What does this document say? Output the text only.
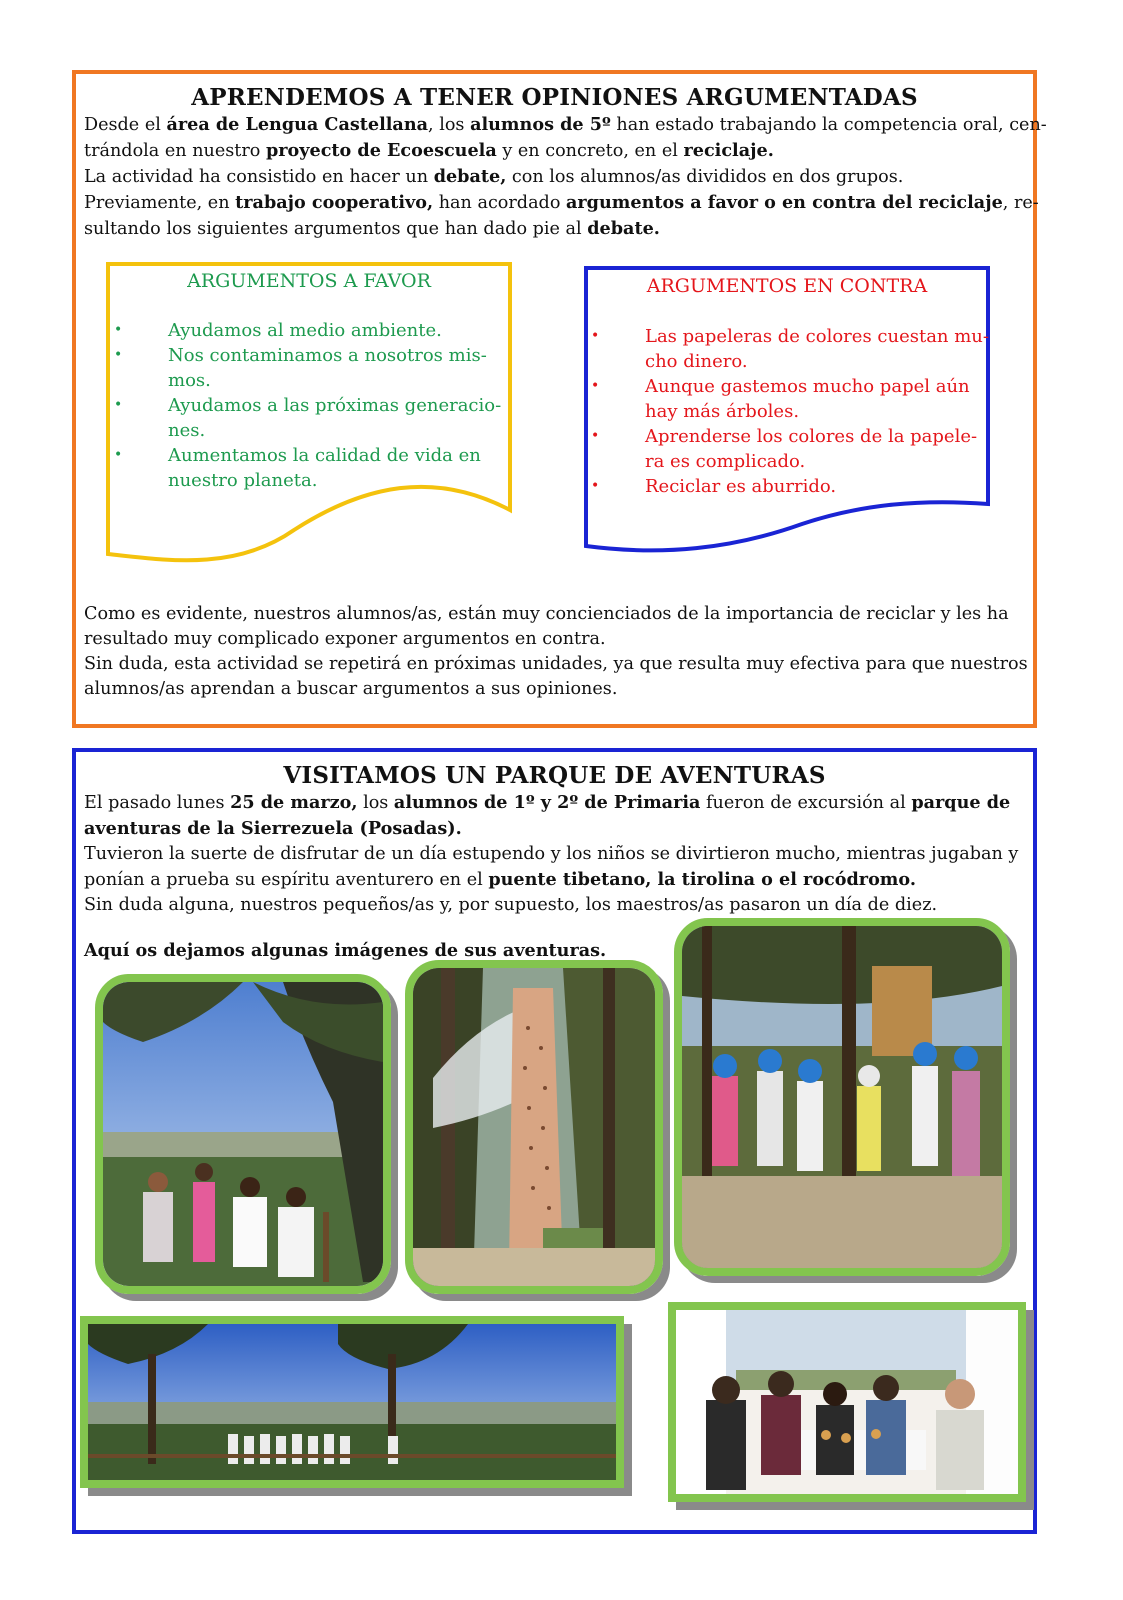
APRENDEMOS A TENER OPINIONES ARGUMENTADAS
Desde el área de Lengua Castellana, los alumnos de 5º han estado trabajando la competencia oral, cen-
trándola en nuestro proyecto de Ecoescuela y en concreto, en el reciclaje.
La actividad ha consistido en hacer un debate, con los alumnos/as divididos en dos grupos.
Previamente, en trabajo cooperativo, han acordado argumentos a favor o en contra del reciclaje, re-
sultando los siguientes argumentos que han dado pie al debate.
ARGUMENTOS A FAVOR
•	Ayudamos al medio ambiente.
•	Nos contaminamos a nosotros mis-
mos.
•	Ayudamos a las próximas generacio-
nes.
•	Aumentamos la calidad de vida en
nuestro planeta.
ARGUMENTOS EN CONTRA
•	Las papeleras de colores cuestan mu-
cho dinero.
•	Aunque gastemos mucho papel aún
hay más árboles.
•	Aprenderse los colores de la papele-
ra es complicado.
•	Reciclar es aburrido.
Como es evidente, nuestros alumnos/as, están muy concienciados de la importancia de reciclar y les ha
resultado muy complicado exponer argumentos en contra.
Sin duda, esta actividad se repetirá en próximas unidades, ya que resulta muy efectiva para que nuestros
alumnos/as aprendan a buscar argumentos a sus opiniones.
VISITAMOS UN PARQUE DE AVENTURAS
El pasado lunes 25 de marzo, los alumnos de 1º y 2º de Primaria fueron de excursión al parque de
aventuras de la Sierrezuela (Posadas).
Tuvieron la suerte de disfrutar de un día estupendo y los niños se divirtieron mucho, mientras jugaban y
ponían a prueba su espíritu aventurero en el puente tibetano, la tirolina o el rocódromo.
Sin duda alguna, nuestros pequeños/as y, por supuesto, los maestros/as pasaron un día de diez.
Aquí os dejamos algunas imágenes de sus aventuras.
